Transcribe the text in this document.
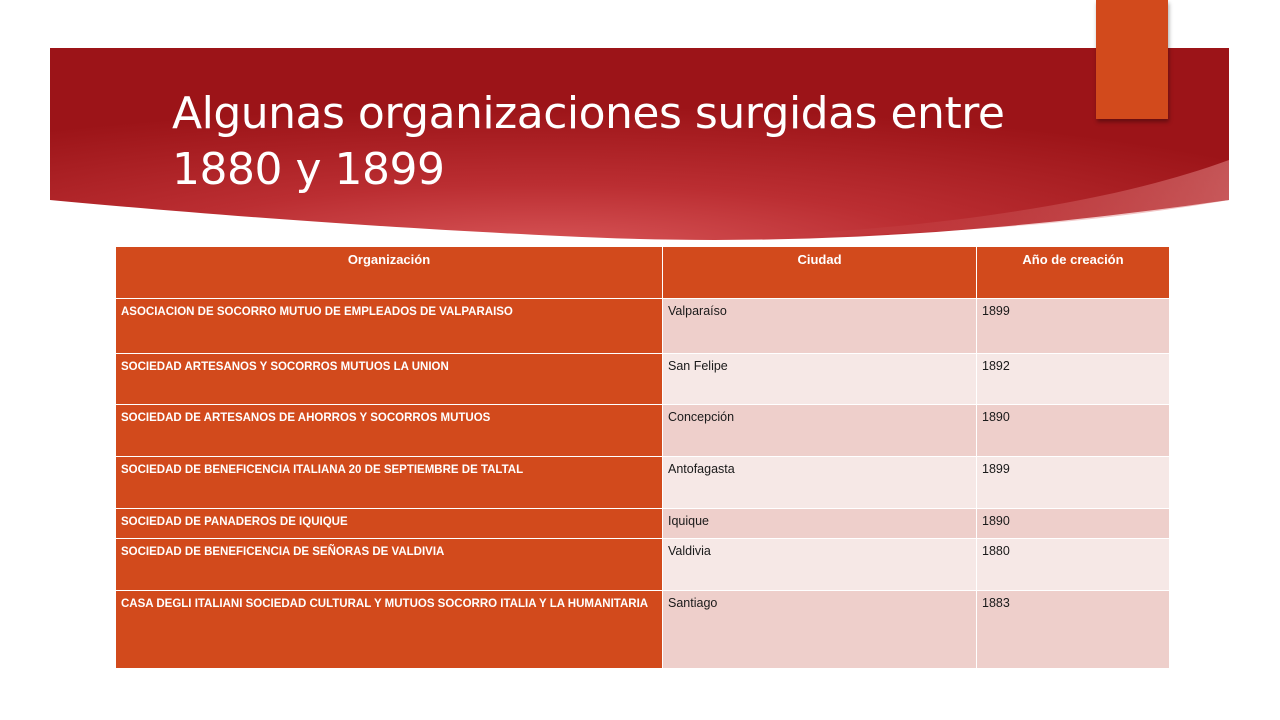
Algunas organizaciones surgidas entre 1880 y 1899
Organización	Ciudad	Año de creación
ASOCIACION DE SOCORRO MUTUO DE EMPLEADOS DE VALPARAISO	Valparaíso	1899
SOCIEDAD ARTESANOS Y SOCORROS MUTUOS LA UNION	San Felipe	1892
SOCIEDAD DE ARTESANOS DE AHORROS Y SOCORROS MUTUOS	Concepción	1890
SOCIEDAD DE BENEFICENCIA ITALIANA 20 DE SEPTIEMBRE DE TALTAL	Antofagasta	1899
SOCIEDAD DE PANADEROS DE IQUIQUE	Iquique	1890
SOCIEDAD DE BENEFICENCIA DE SEÑORAS DE VALDIVIA	Valdivia	1880
CASA DEGLI ITALIANI SOCIEDAD CULTURAL Y MUTUOS SOCORRO ITALIA Y LA HUMANITARIA	Santiago	1883
